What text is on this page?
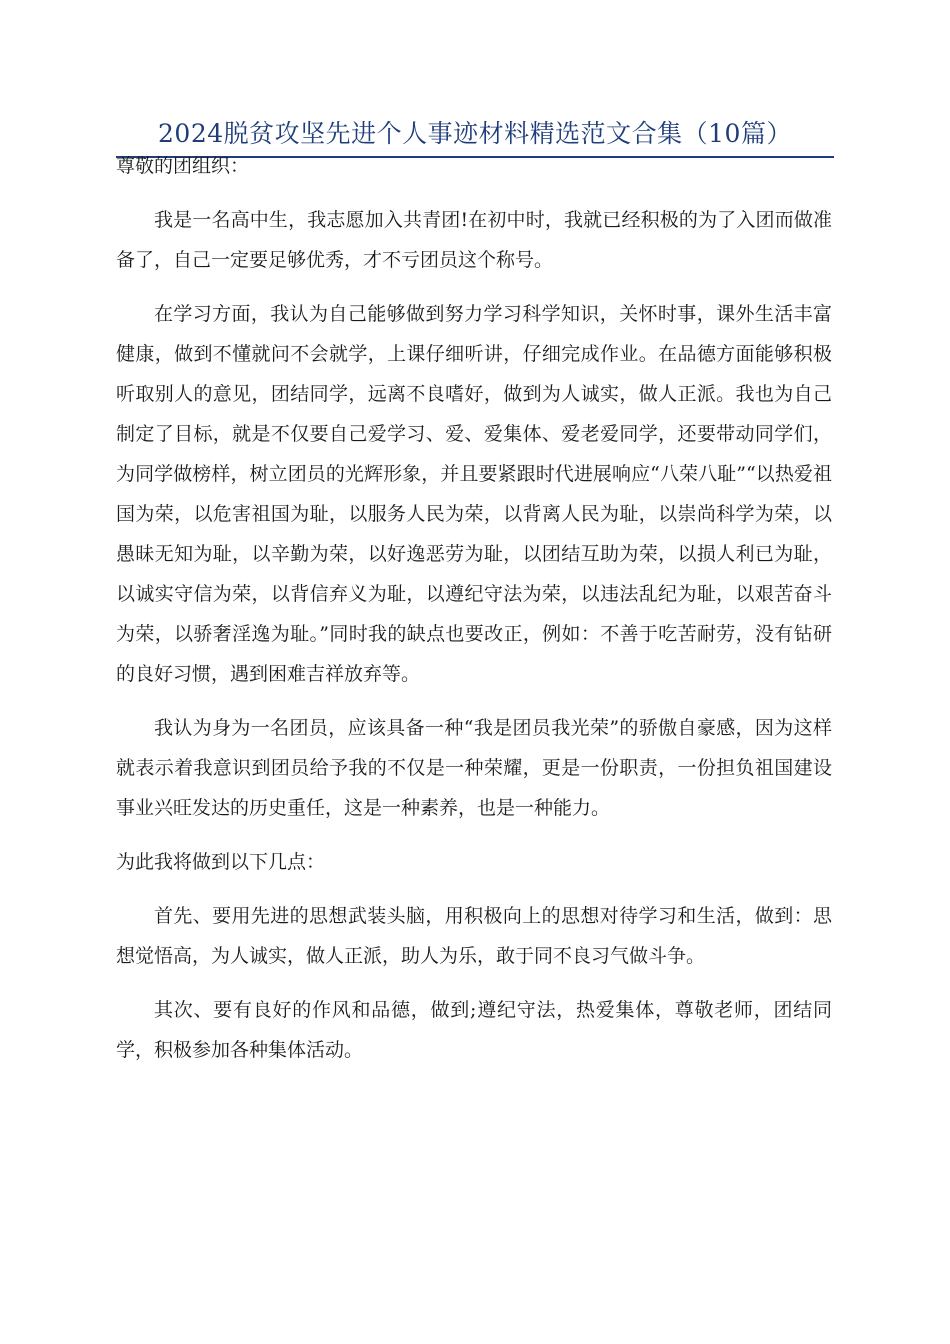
2024脱贫攻坚先进个人事迹材料精选范文合集（10篇）

尊敬的团组织：

我是一名高中生，我志愿加入共青团!在初中时，我就已经积极的为了入团而做准备了，自己一定要足够优秀，才不亏团员这个称号。

在学习方面，我认为自己能够做到努力学习科学知识，关怀时事，课外生活丰富健康，做到不懂就问不会就学，上课仔细听讲，仔细完成作业。在品德方面能够积极听取别人的意见，团结同学，远离不良嗜好，做到为人诚实，做人正派。我也为自己制定了目标，就是不仅要自己爱学习、爱、爱集体、爱老爱同学，还要带动同学们，为同学做榜样，树立团员的光辉形象，并且要紧跟时代进展响应“八荣八耻”“以热爱祖国为荣，以危害祖国为耻，以服务人民为荣，以背离人民为耻，以崇尚科学为荣，以愚昧无知为耻，以辛勤为荣，以好逸恶劳为耻，以团结互助为荣，以损人利已为耻，以诚实守信为荣，以背信弃义为耻，以遵纪守法为荣，以违法乱纪为耻，以艰苦奋斗为荣，以骄奢淫逸为耻。”同时我的缺点也要改正，例如：不善于吃苦耐劳，没有钻研的良好习惯，遇到困难吉祥放弃等。

我认为身为一名团员，应该具备一种“我是团员我光荣”的骄傲自豪感，因为这样就表示着我意识到团员给予我的不仅是一种荣耀，更是一份职责，一份担负祖国建设事业兴旺发达的历史重任，这是一种素养，也是一种能力。

为此我将做到以下几点：

首先、要用先进的思想武装头脑，用积极向上的思想对待学习和生活，做到：思想觉悟高，为人诚实，做人正派，助人为乐，敢于同不良习气做斗争。

其次、要有良好的作风和品德，做到;遵纪守法，热爱集体，尊敬老师，团结同学，积极参加各种集体活动。
